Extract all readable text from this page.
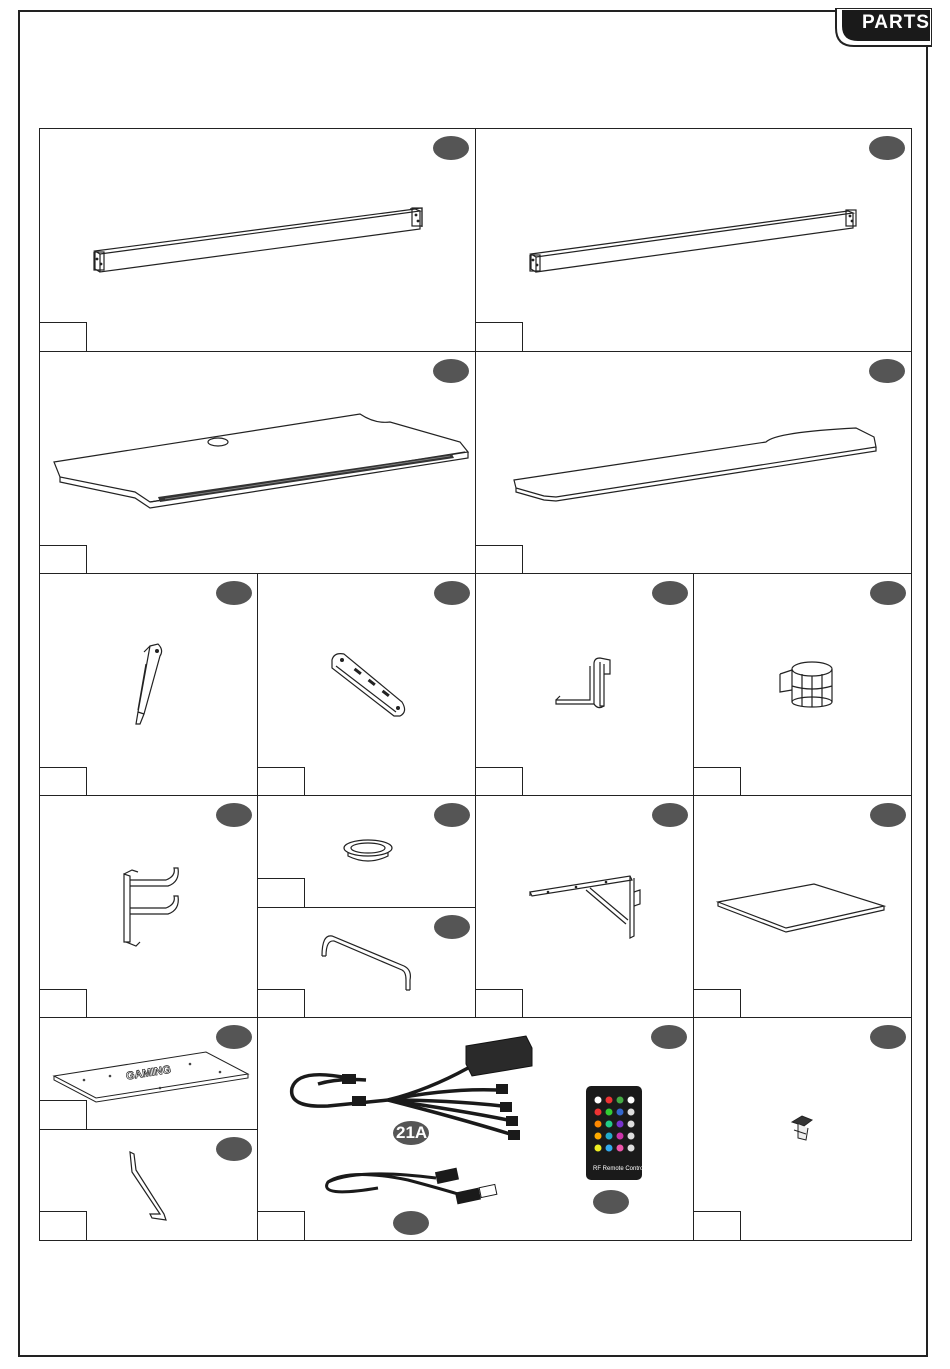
PARTS
GAMING
21A
RF Remote Controller
